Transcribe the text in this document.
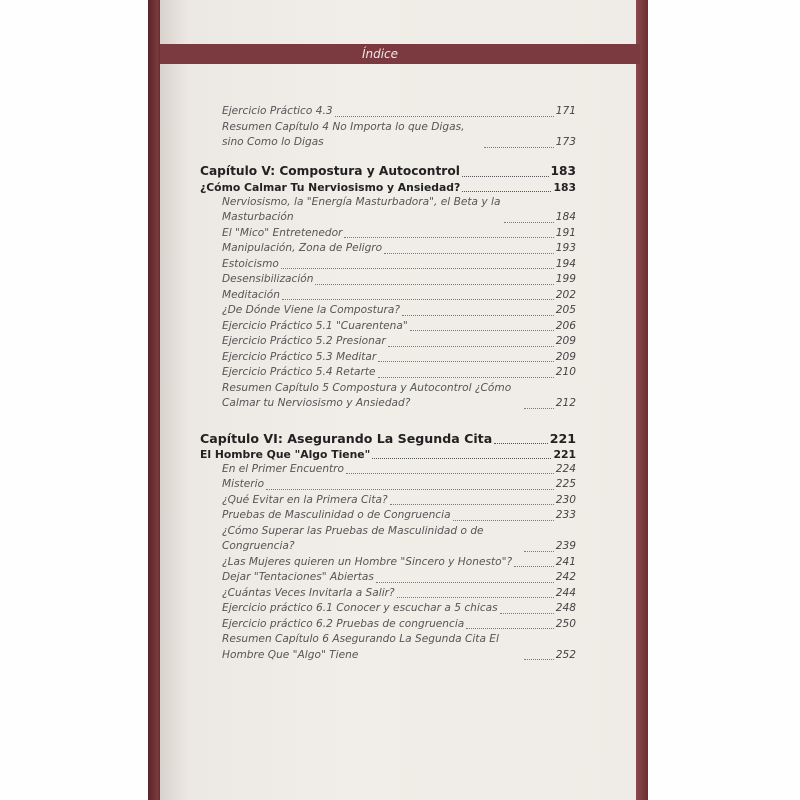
Índice
Ejercicio Práctico 4.3	171
Resumen Capítulo 4 No Importa lo que Digas, sino Como lo Digas	173
Capítulo V: Compostura y Autocontrol	183
¿Cómo Calmar Tu Nerviosismo y Ansiedad?	183
Nerviosismo, la "Energía Masturbadora", el Beta y la Masturbación	184
El "Mico" Entretenedor	191
Manipulación, Zona de Peligro	193
Estoicismo	194
Desensibilización	199
Meditación	202
¿De Dónde Viene la Compostura?	205
Ejercicio Práctico 5.1 "Cuarentena"	206
Ejercicio Práctico 5.2 Presionar	209
Ejercicio Práctico 5.3 Meditar	209
Ejercicio Práctico 5.4 Retarte	210
Resumen Capítulo 5 Compostura y Autocontrol ¿Cómo Calmar tu Nerviosismo y Ansiedad?	212
Capítulo VI: Asegurando La Segunda Cita	221
El Hombre Que "Algo Tiene"	221
En el Primer Encuentro	224
Misterio	225
¿Qué Evitar en la Primera Cita?	230
Pruebas de Masculinidad o de Congruencia	233
¿Cómo Superar las Pruebas de Masculinidad o de Congruencia?	239
¿Las Mujeres quieren un Hombre "Sincero y Honesto"?	241
Dejar "Tentaciones" Abiertas	242
¿Cuántas Veces Invitarla a Salir?	244
Ejercicio práctico 6.1 Conocer y escuchar a 5 chicas	248
Ejercicio práctico 6.2 Pruebas de congruencia	250
Resumen Capítulo 6 Asegurando La Segunda Cita El Hombre Que "Algo" Tiene	252
